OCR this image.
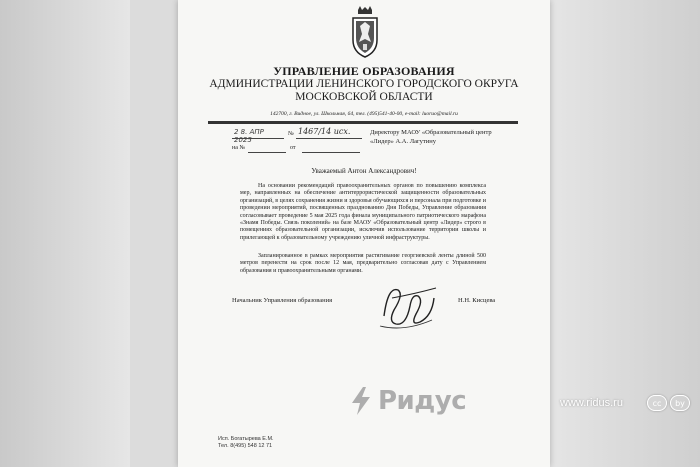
УПРАВЛЕНИЕ ОБРАЗОВАНИЯ
АДМИНИСТРАЦИИ ЛЕНИНСКОГО ГОРОДСКОГО ОКРУГА
МОСКОВСКОЙ ОБЛАСТИ
142700, г. Видное, ул. Школьная, 64, тел. (495)541-40-00, e-mail: luoruo@mail.ru
2 8. АПР 2025
№ 1467/14 исх.
на №	от
Директору МАОУ «Образовательный центр
«Лидер» А.А. Лагутину
Уважаемый Антон Александрович!

На основании рекомендаций правоохранительных органов по повышению комплекса мер, направленных на обеспечение антитеррористической защищенности образовательных организаций, в целях сохранения жизни и здоровья обучающихся и персонала при подготовке и проведении мероприятий, посвященных празднованию Дня Победы, Управление образования согласовывает проведение 5 мая 2025 года финала муниципального патриотического марафона «Знамя Победы. Связь поколений» на базе МАОУ «Образовательный центр «Лидер» строго в помещениях образовательной организации, исключив использование территории школы и прилегающей к образовательному учреждению уличной инфраструктуры.

Запланированное в рамках мероприятия растягивание георгиевской ленты длиной 500 метров перенести на срок после 12 мая, предварительно согласовав дату с Управлением образования и правоохранительными органами.

Начальник Управления образования	Н.Н. Кисцева
Исп. Богатырева Е.М.
Тел. 8(495) 548 12 71
Ридус	www.ridus.ru	cc	by
